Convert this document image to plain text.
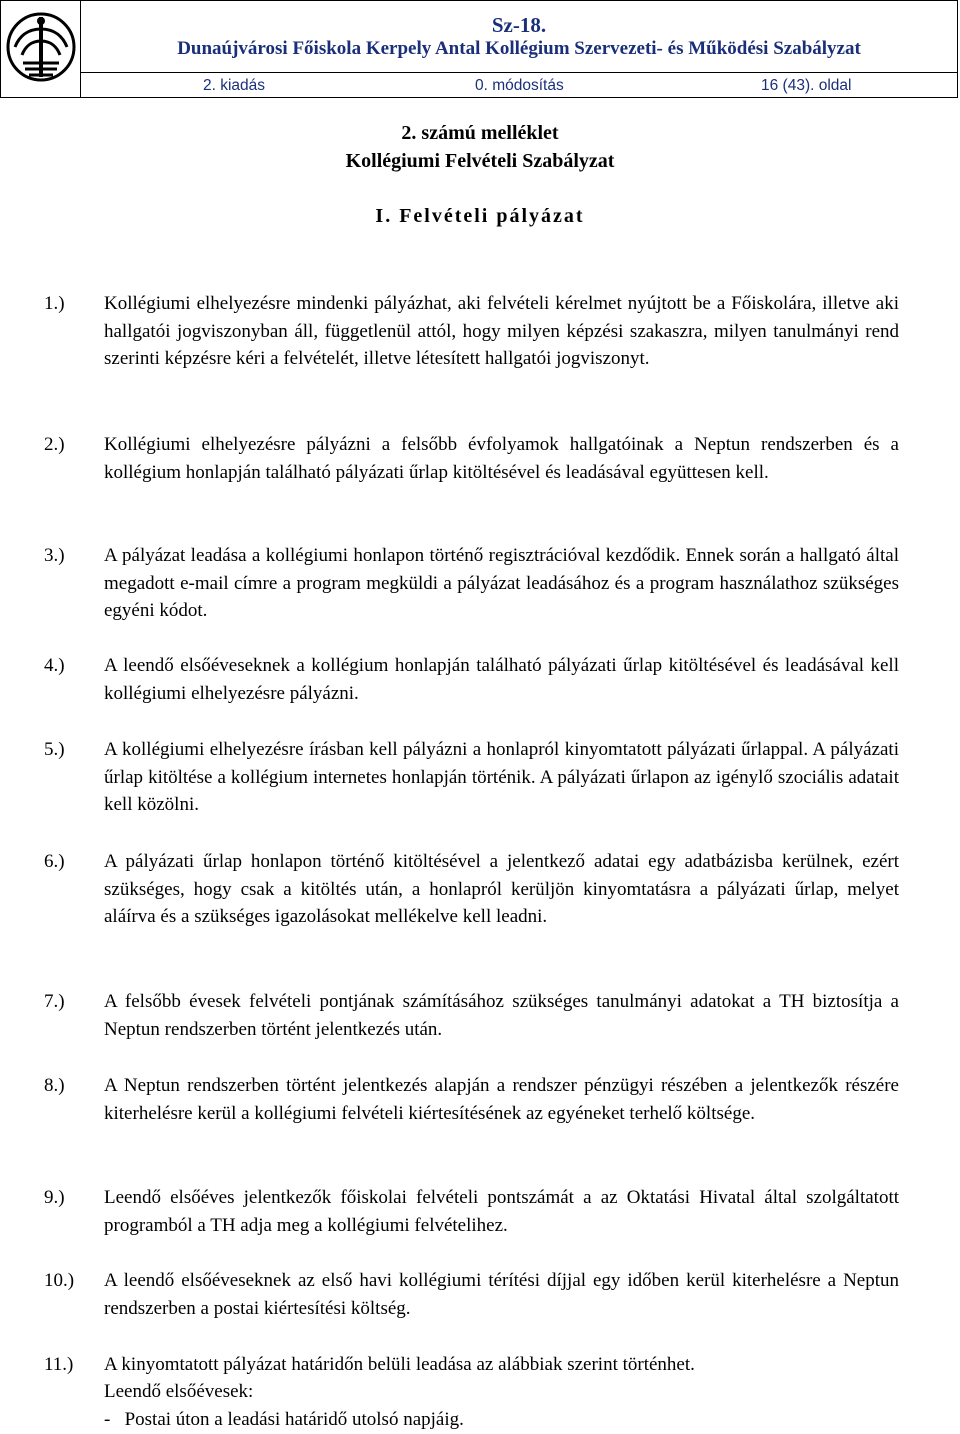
Sz-18.
Dunaújvárosi Főiskola Kerpely Antal Kollégium Szervezeti- és Működési Szabályzat
2. kiadás	0. módosítás	16 (43). oldal
2. számú melléklet
Kollégiumi Felvételi Szabályzat
I. Felvételi pályázat
1.)	Kollégiumi elhelyezésre mindenki pályázhat, aki felvételi kérelmet nyújtott be a Főiskolára, illetve aki hallgatói jogviszonyban áll, függetlenül attól, hogy milyen képzési szakaszra, milyen tanulmányi rend szerinti képzésre kéri a felvételét, illetve létesített hallgatói jogviszonyt.
2.)	Kollégiumi elhelyezésre pályázni a felsőbb évfolyamok hallgatóinak a Neptun rendszerben és a kollégium honlapján található pályázati űrlap kitöltésével és leadásával együttesen kell.
3.)	A pályázat leadása a kollégiumi honlapon történő regisztrációval kezdődik. Ennek során a hallgató által megadott e-mail címre a program megküldi a pályázat leadásához és a program használathoz szükséges egyéni kódot.
4.)	A leendő elsőéveseknek a kollégium honlapján található pályázati űrlap kitöltésével és leadásával kell kollégiumi elhelyezésre pályázni.
5.)	A kollégiumi elhelyezésre írásban kell pályázni a honlapról kinyomtatott pályázati űrlappal. A pályázati űrlap kitöltése a kollégium internetes honlapján történik. A pályázati űrlapon az igénylő szociális adatait kell közölni.
6.)	A pályázati űrlap honlapon történő kitöltésével a jelentkező adatai egy adatbázisba kerülnek, ezért szükséges, hogy csak a kitöltés után, a honlapról kerüljön kinyomtatásra a pályázati űrlap, melyet aláírva és a szükséges igazolásokat mellékelve kell leadni.
7.)	A felsőbb évesek felvételi pontjának számításához szükséges tanulmányi adatokat a TH biztosítja a Neptun rendszerben történt jelentkezés után.
8.)	A Neptun rendszerben történt jelentkezés alapján a rendszer pénzügyi részében a jelentkezők részére kiterhelésre kerül a kollégiumi felvételi kiértesítésének az egyéneket terhelő költsége.
9.)	Leendő elsőéves jelentkezők főiskolai felvételi pontszámát a az Oktatási Hivatal által szolgáltatott programból a TH adja meg a kollégiumi felvételihez.
10.)	A leendő elsőéveseknek az első havi kollégiumi térítési díjjal egy időben kerül kiterhelésre a Neptun rendszerben a postai kiértesítési költség.
11.)	A kinyomtatott pályázat határidőn belüli leadása az alábbiak szerint történhet.
Leendő elsőévesek:
-   Postai úton a leadási határidő utolsó napjáig.
